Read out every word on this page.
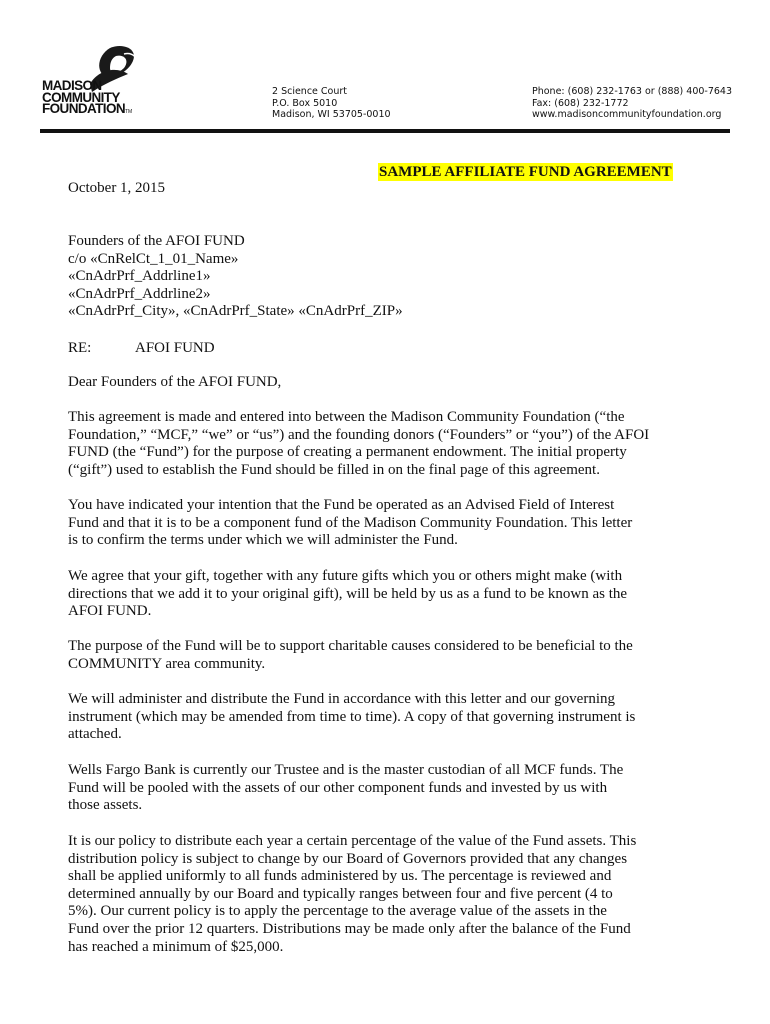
MADISON
COMMUNITY
FOUNDATIONTM
2 Science Court
P.O. Box 5010
Madison, WI 53705-0010
Phone: (608) 232-1763 or (888) 400-7643
Fax: (608) 232-1772
www.madisoncommunityfoundation.org
SAMPLE AFFILIATE FUND AGREEMENT
October 1, 2015
Founders of the AFOI FUND
c/o «CnRelCt_1_01_Name»
«CnAdrPrf_Addrline1»
«CnAdrPrf_Addrline2»
«CnAdrPrf_City», «CnAdrPrf_State» «CnAdrPrf_ZIP»
RE:	AFOI FUND
Dear Founders of the AFOI FUND,
This agreement is made and entered into between the Madison Community Foundation (“the
Foundation,” “MCF,” “we” or “us”) and the founding donors (“Founders” or “you”) of the AFOI
FUND (the “Fund”) for the purpose of creating a permanent endowment. The initial property
(“gift”) used to establish the Fund should be filled in on the final page of this agreement.
You have indicated your intention that the Fund be operated as an Advised Field of Interest
Fund and that it is to be a component fund of the Madison Community Foundation. This letter
is to confirm the terms under which we will administer the Fund.
We agree that your gift, together with any future gifts which you or others might make (with
directions that we add it to your original gift), will be held by us as a fund to be known as the
AFOI FUND.
The purpose of the Fund will be to support charitable causes considered to be beneficial to the
COMMUNITY area community.
We will administer and distribute the Fund in accordance with this letter and our governing
instrument (which may be amended from time to time). A copy of that governing instrument is
attached.
Wells Fargo Bank is currently our Trustee and is the master custodian of all MCF funds. The
Fund will be pooled with the assets of our other component funds and invested by us with
those assets.
It is our policy to distribute each year a certain percentage of the value of the Fund assets. This
distribution policy is subject to change by our Board of Governors provided that any changes
shall be applied uniformly to all funds administered by us. The percentage is reviewed and
determined annually by our Board and typically ranges between four and five percent (4 to
5%). Our current policy is to apply the percentage to the average value of the assets in the
Fund over the prior 12 quarters. Distributions may be made only after the balance of the Fund
has reached a minimum of $25,000.
